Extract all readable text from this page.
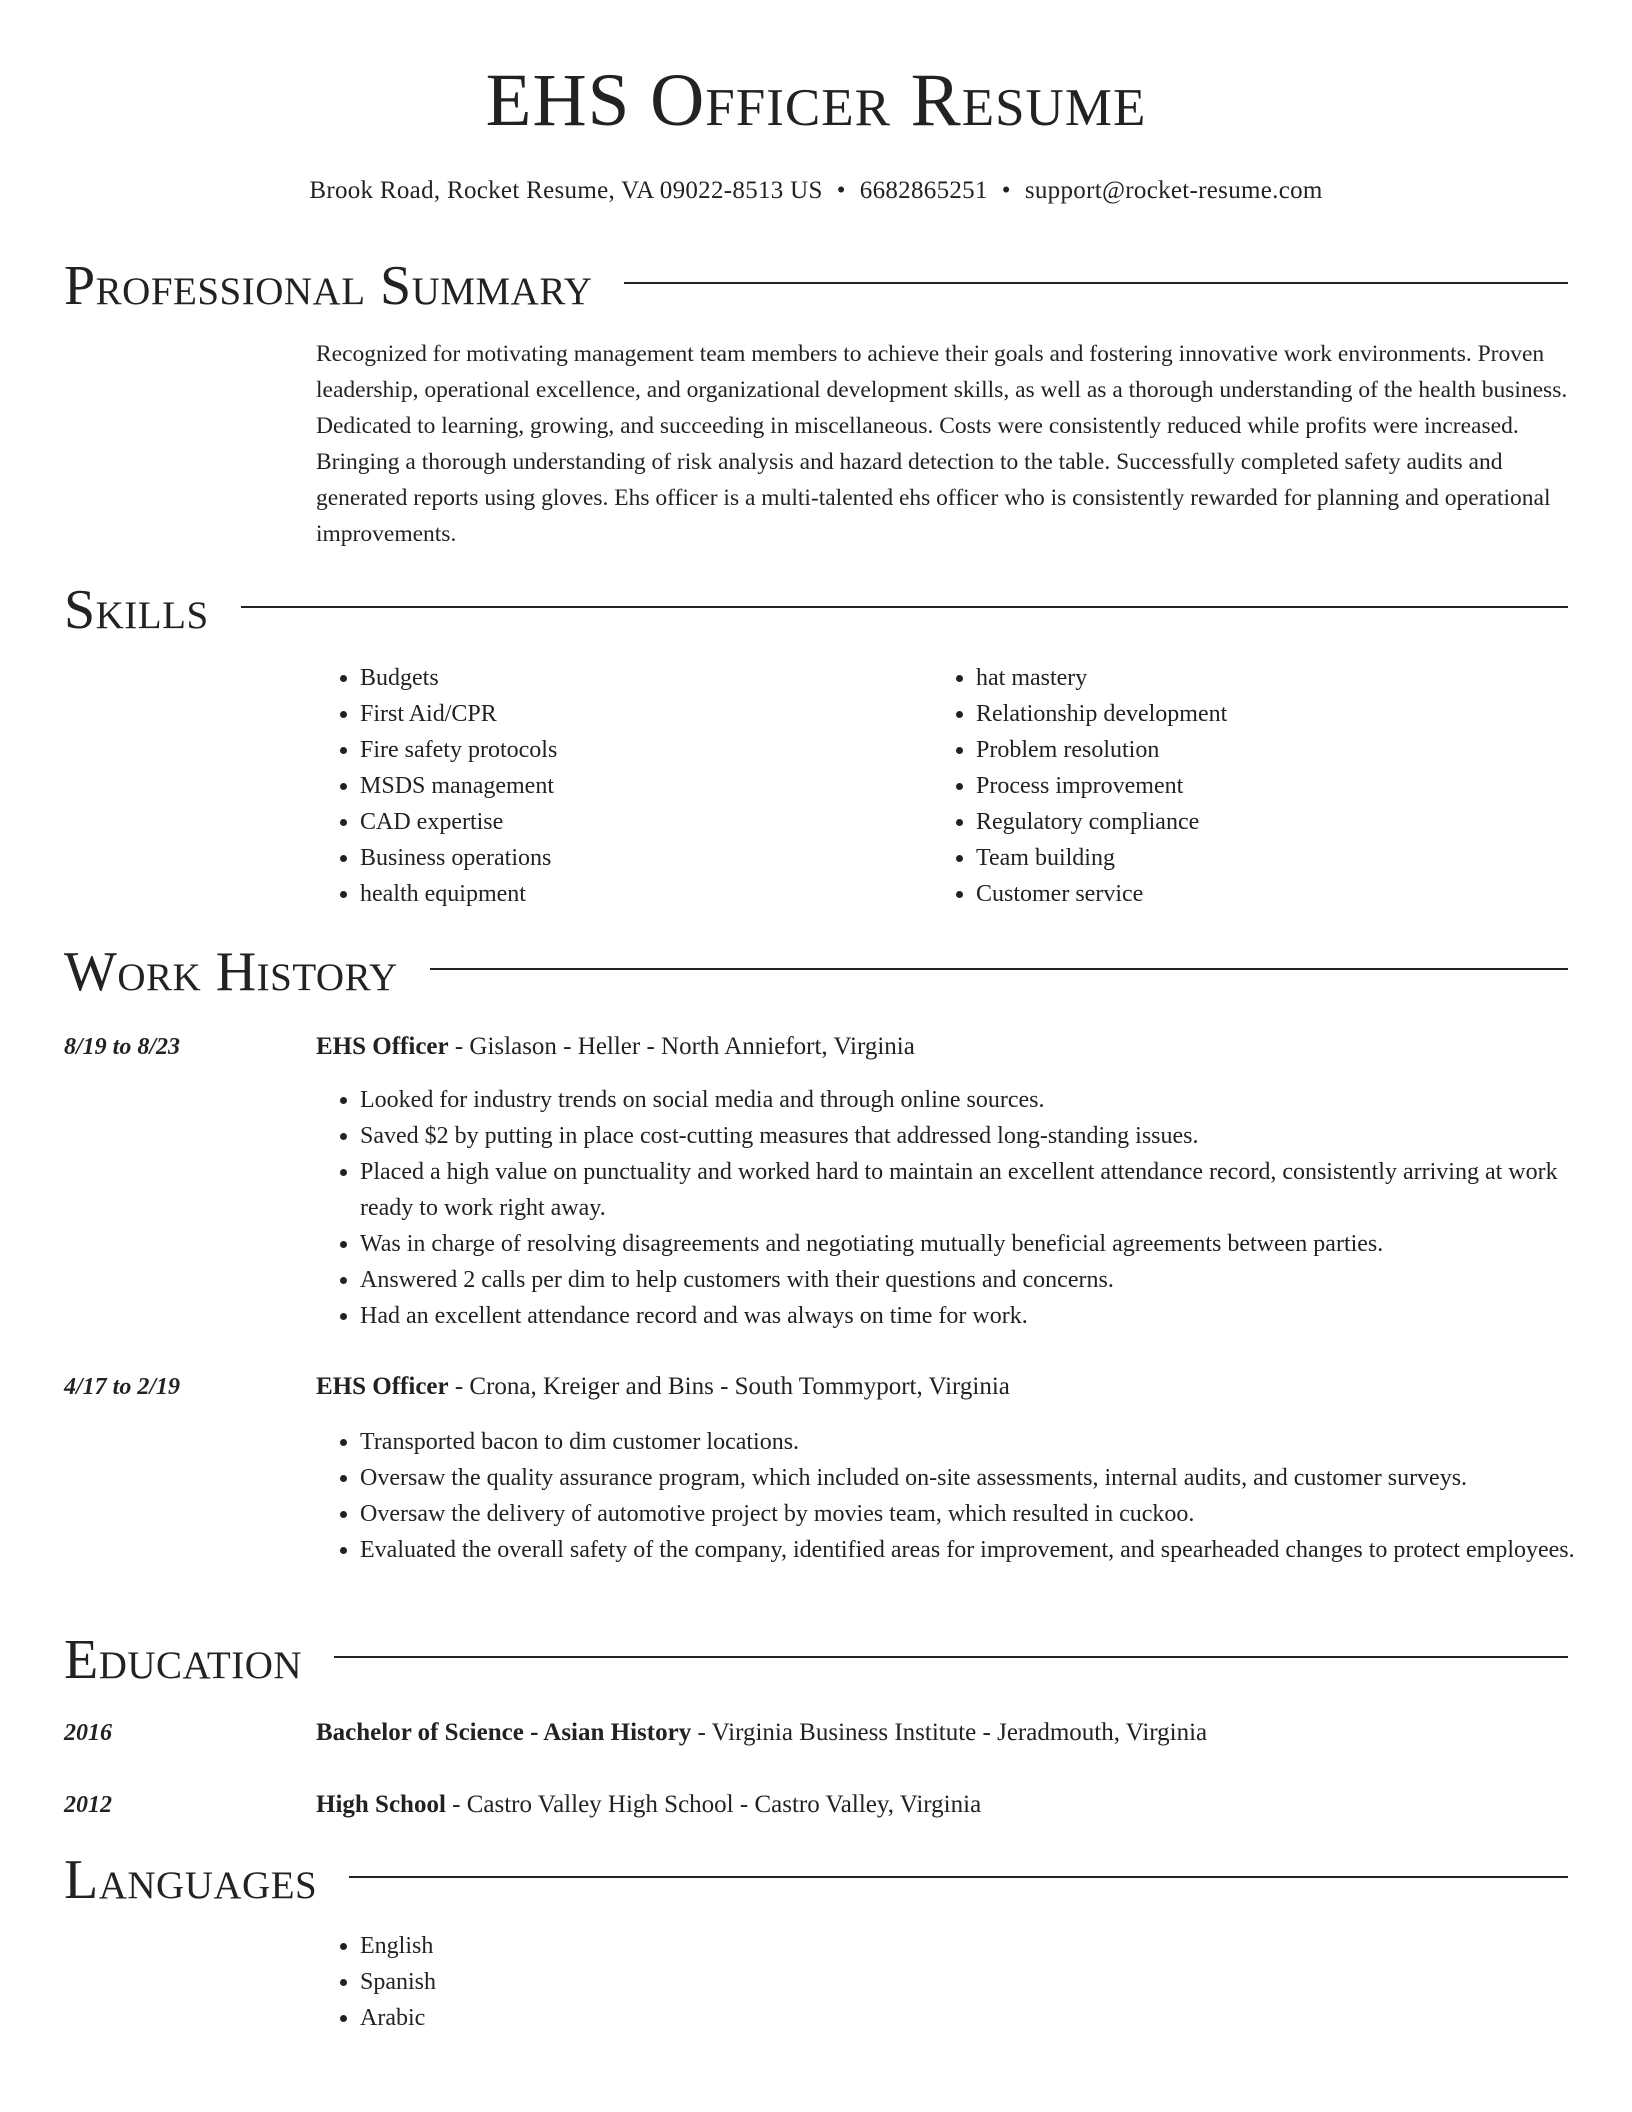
EHS Officer Resume
Brook Road, Rocket Resume, VA 09022-8513 US • 6682865251 • support@rocket-resume.com
Professional Summary

Recognized for motivating management team members to achieve their goals and fostering innovative work environments. Proven leadership, operational excellence, and organizational development skills, as well as a thorough understanding of the health business. Dedicated to learning, growing, and succeeding in miscellaneous. Costs were consistently reduced while profits were increased. Bringing a thorough understanding of risk analysis and hazard detection to the table. Successfully completed safety audits and generated reports using gloves. Ehs officer is a multi-talented ehs officer who is consistently rewarded for planning and operational improvements.

Skills
• Budgets
• First Aid/CPR
• Fire safety protocols
• MSDS management
• CAD expertise
• Business operations
• health equipment
• hat mastery
• Relationship development
• Problem resolution
• Process improvement
• Regulatory compliance
• Team building
• Customer service
Work History
8/19 to 8/23	EHS Officer - Gislason - Heller - North Anniefort, Virginia
• Looked for industry trends on social media and through online sources.
• Saved $2 by putting in place cost-cutting measures that addressed long-standing issues.
• Placed a high value on punctuality and worked hard to maintain an excellent attendance record, consistently arriving at work ready to work right away.
• Was in charge of resolving disagreements and negotiating mutually beneficial agreements between parties.
• Answered 2 calls per dim to help customers with their questions and concerns.
• Had an excellent attendance record and was always on time for work.
4/17 to 2/19	EHS Officer - Crona, Kreiger and Bins - South Tommyport, Virginia
• Transported bacon to dim customer locations.
• Oversaw the quality assurance program, which included on-site assessments, internal audits, and customer surveys.
• Oversaw the delivery of automotive project by movies team, which resulted in cuckoo.
• Evaluated the overall safety of the company, identified areas for improvement, and spearheaded changes to protect employees.
Education
2016	Bachelor of Science - Asian History - Virginia Business Institute - Jeradmouth, Virginia
2012	High School - Castro Valley High School - Castro Valley, Virginia
Languages
• English
• Spanish
• Arabic
